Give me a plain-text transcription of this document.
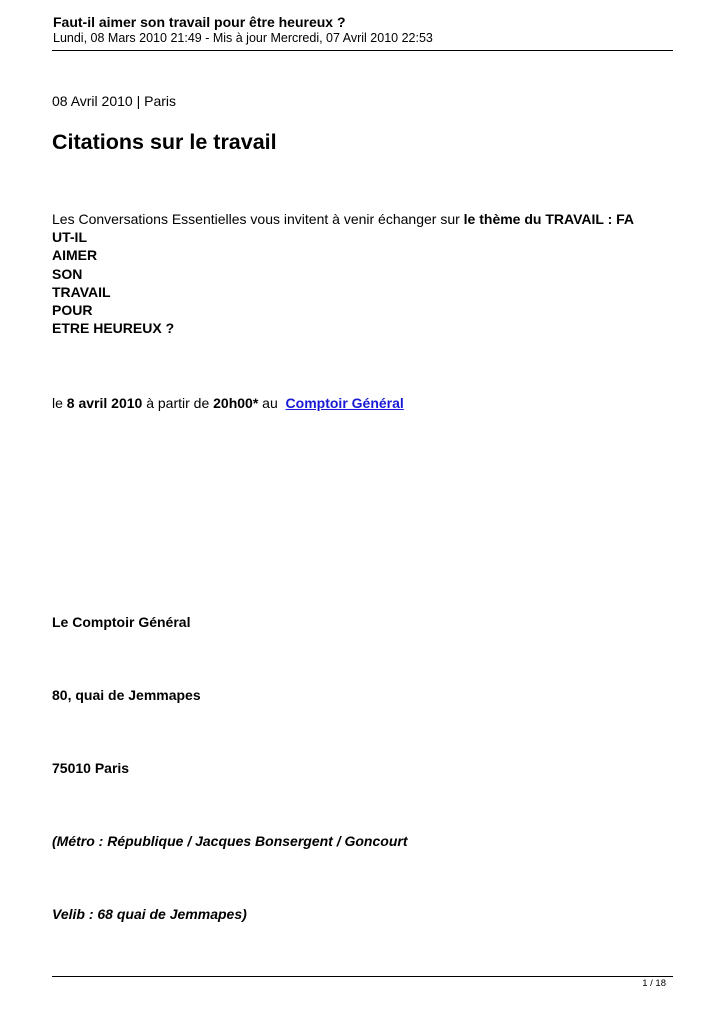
Faut-il aimer son travail pour être heureux ?
Lundi, 08 Mars 2010 21:49 - Mis à jour Mercredi, 07 Avril 2010 22:53
08 Avril 2010 | Paris
Citations sur le travail
Les Conversations Essentielles vous invitent à venir échanger sur le thème du TRAVAIL : FA
UT-IL
AIMER
SON
TRAVAIL
POUR
ETRE HEUREUX ?
le 8 avril 2010 à partir de 20h00* au  Comptoir Général
Le Comptoir Général
80, quai de Jemmapes
75010 Paris
(Métro : République / Jacques Bonsergent / Goncourt
Velib : 68 quai de Jemmapes)
1 / 18
